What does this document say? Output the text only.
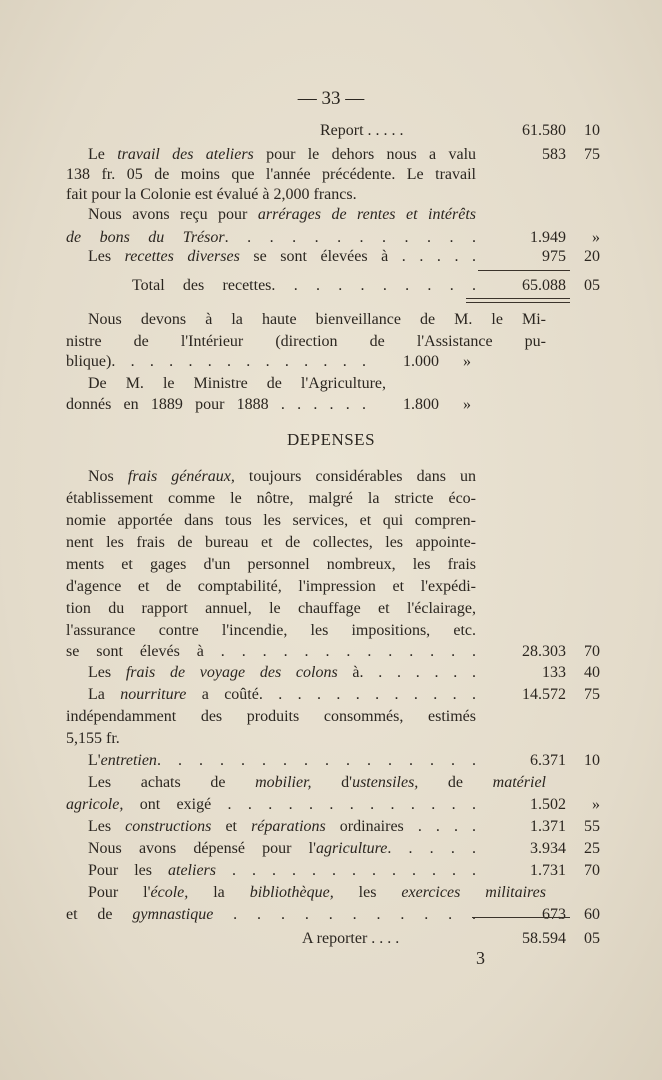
— 33 —
Report . . . . .	61.580 10
Le travail des ateliers pour le dehors nous a valu	583 75
138 fr. 05 de moins que l'année précédente. Le travail
fait pour la Colonie est évalué à 2,000 francs.
Nous avons reçu pour arrérages de rentes et intérêts
de bons du Trésor. . . . . . . . . . . .	1.949 »
Les recettes diverses se sont élevées à . . . . .	975 20
Total des recettes. . . . . . . . . .	65.088 05
Nous devons à la haute bienveillance de M. le Mi-
nistre de l'Intérieur (direction de l'Assistance pu-
blique). . . . . . . . . . . . . . 1.000 »
De M. le Ministre de l'Agriculture,
donnés en 1889 pour 1888 . . . . . . 1.800 »
DEPENSES
Nos frais généraux, toujours considérables dans un
établissement comme le nôtre, malgré la stricte éco-
nomie apportée dans tous les services, et qui compren-
nent les frais de bureau et de collectes, les appointe-
ments et gages d'un personnel nombreux, les frais
d'agence et de comptabilité, l'impression et l'expédi-
tion du rapport annuel, le chauffage et l'éclairage,
l'assurance contre l'incendie, les impositions, etc.
se sont élevés à . . . . . . . . . . . . .	28.303 70
Les frais de voyage des colons à. . . . . . .	133 40
La nourriture a coûté. . . . . . . . . . . .	14.572 75
indépendamment des produits consommés, estimés
5,155 fr.
L'entretien. . . . . . . . . . . . . . . .	6.371 10
Les achats de mobilier, d'ustensiles, de matériel
agricole, ont exigé . . . . . . . . . . . . .	1.502 »
Les constructions et réparations ordinaires . . . .	1.371 55
Nous avons dépensé pour l'agriculture. . . . .	3.934 25
Pour les ateliers . . . . . . . . . . . . .	1.731 70
Pour l'école, la bibliothèque, les exercices militaires
et de gymnastique . . . . . . . . . . .	673 60
A reporter . . . .	58.594 05
3
